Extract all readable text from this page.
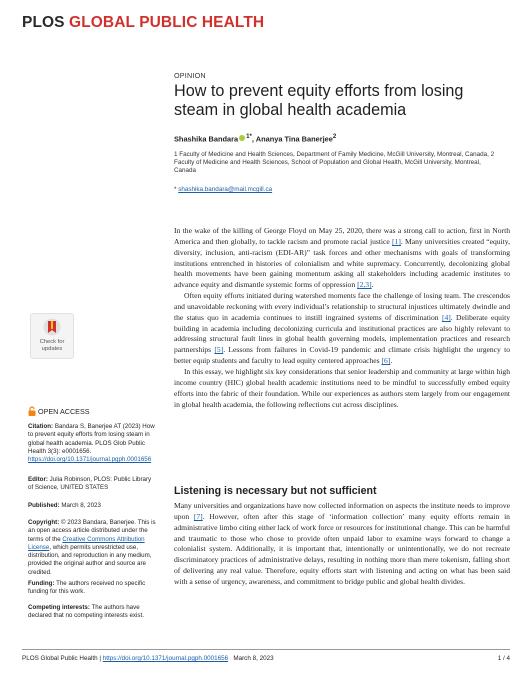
PLOS GLOBAL PUBLIC HEALTH
OPINION
How to prevent equity efforts from losing steam in global health academia
Shashika Bandara $^{1*}$, Ananya Tina Banerjee$^2$
1 Faculty of Medicine and Health Sciences, Department of Family Medicine, McGill University, Montreal, Canada, 2 Faculty of Medicine and Health Sciences, School of Population and Global Health, McGill University, Montreal, Canada
* shashika.bandara@mail.mcgill.ca
Check for
updates
OPEN ACCESS
Citation: Bandara S, Banerjee AT (2023) How to prevent equity efforts from losing steam in global health academia. PLOS Glob Public Health 3(3): e0001656. https://doi.org/10.1371/journal.pgph.0001656
Editor: Julia Robinson, PLOS: Public Library of Science, UNITED STATES
Published: March 8, 2023
Copyright: © 2023 Bandara, Banerjee. This is an open access article distributed under the terms of the Creative Commons Attribution License, which permits unrestricted use, distribution, and reproduction in any medium, provided the original author and source are credited.
Funding: The authors received no specific funding for this work.
Competing interests: The authors have declared that no competing interests exist.

In the wake of the killing of George Floyd on May 25, 2020, there was a strong call to action, first in North America and then globally, to tackle racism and promote racial justice [1]. Many universities created “equity, diversity, inclusion, anti-racism (EDI-AR)” task forces and other mechanisms with goals of transforming institutions entrenched in histories of colonialism and white supremacy. Concurrently, decolonizing global health movements have been gaining momentum asking all stakeholders including academic institutes to advance equity and dismantle systemic forms of oppression [2,3].

Often equity efforts initiated during watershed moments face the challenge of losing team. The crescendos and unavoidable reckoning with every individual’s relationship to structural injustices ultimately dwindle and the status quo in academia continues to instill ingrained systems of discrimination [4]. Deliberate equity building in academia including decolonizing curricula and institutional practices are also highly relevant to addressing structural fault lines in global health governing models, implementation practices and research partnerships [5]. Lessons from failures in Covid-19 pandemic and climate crisis highlight the urgency to better equip students and faculty to lead equity centered approaches [6].

In this essay, we highlight six key considerations that senior leadership and community at large within high income country (HIC) global health academic institutions need to be mindful to successfully embed equity efforts into the fabric of their foundation. While our experiences as authors stem largely from our engagement in global health academia, the following reflections cut across disciplines.

Listening is necessary but not sufficient

Many universities and organizations have now collected information on aspects the institute needs to improve upon [7]. However, often after this stage of ‘information collection’ many equity efforts remain in administrative limbo citing either lack of work force or resources for institutional change. This can be harmful and traumatic to those who chose to provide often unpaid labor to examine ways forward to change a colonialist system. Additionally, it is important that, intentionally or unintentionally, we do not recreate discriminatory practices of administrative delays, resulting in nothing more than mere tokenism, falling short of delivering any real value. Therefore, equity efforts start with listening and acting on what has been said with a sense of urgency, awareness, and commitment to bridge public and global health divides.

PLOS Global Public Health | https://doi.org/10.1371/journal.pgph.0001656   March 8, 2023	1 / 4
